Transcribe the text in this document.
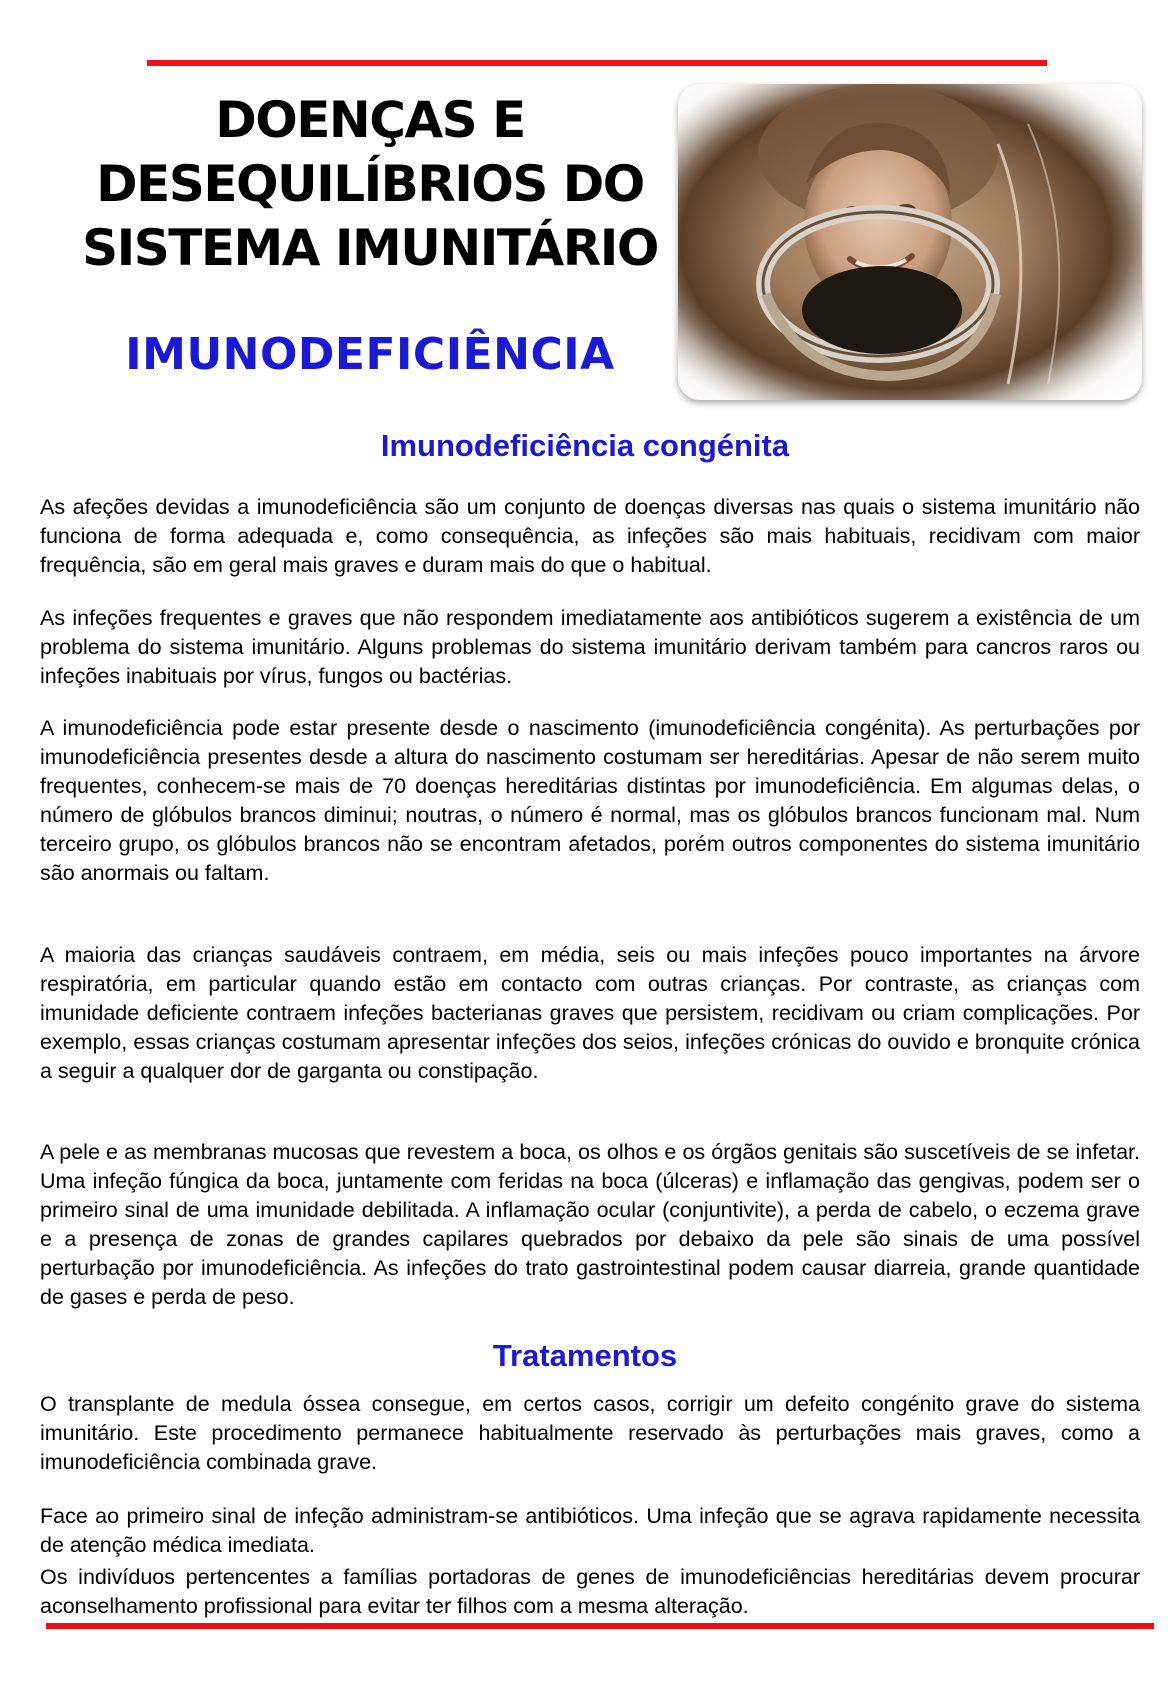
DOENÇAS E
DESEQUILÍBRIOS DO
SISTEMA IMUNITÁRIO
IMUNODEFICIÊNCIA
Imunodeficiência congénita

As afeções devidas a imunodeficiência são um conjunto de doenças diversas nas quais o sistema imunitário não funciona de forma adequada e, como consequência, as infeções são mais habituais, recidivam com maior frequência, são em geral mais graves e duram mais do que o habitual.

As infeções frequentes e graves que não respondem imediatamente aos antibióticos sugerem a existência de um problema do sistema imunitário. Alguns problemas do sistema imunitário derivam também para cancros raros ou infeções inabituais por vírus, fungos ou bactérias.

A imunodeficiência pode estar presente desde o nascimento (imunodeficiência congénita). As perturbações por imunodeficiência presentes desde a altura do nascimento costumam ser hereditárias. Apesar de não serem muito frequentes, conhecem-se mais de 70 doenças hereditárias distintas por imunodeficiência. Em algumas delas, o número de glóbulos brancos diminui; noutras, o número é normal, mas os glóbulos brancos funcionam mal. Num terceiro grupo, os glóbulos brancos não se encontram afetados, porém outros componentes do sistema imunitário são anormais ou faltam.

A maioria das crianças saudáveis contraem, em média, seis ou mais infeções pouco importantes na árvore respiratória, em particular quando estão em contacto com outras crianças. Por contraste, as crianças com imunidade deficiente contraem infeções bacterianas graves que persistem, recidivam ou criam complicações. Por exemplo, essas crianças costumam apresentar infeções dos seios, infeções crónicas do ouvido e bronquite crónica a seguir a qualquer dor de garganta ou constipação.

A pele e as membranas mucosas que revestem a boca, os olhos e os órgãos genitais são suscetíveis de se infetar. Uma infeção fúngica da boca, juntamente com feridas na boca (úlceras) e inflamação das gengivas, podem ser o primeiro sinal de uma imunidade debilitada. A inflamação ocular (conjuntivite), a perda de cabelo, o eczema grave e a presença de zonas de grandes capilares quebrados por debaixo da pele são sinais de uma possível perturbação por imunodeficiência. As infeções do trato gastrointestinal podem causar diarreia, grande quantidade de gases e perda de peso.

Tratamentos

O transplante de medula óssea consegue, em certos casos, corrigir um defeito congénito grave do sistema imunitário. Este procedimento permanece habitualmente reservado às perturbações mais graves, como a imunodeficiência combinada grave.

Face ao primeiro sinal de infeção administram-se antibióticos. Uma infeção que se agrava rapidamente necessita de atenção médica imediata.

Os indivíduos pertencentes a famílias portadoras de genes de imunodeficiências hereditárias devem procurar aconselhamento profissional para evitar ter filhos com a mesma alteração.
